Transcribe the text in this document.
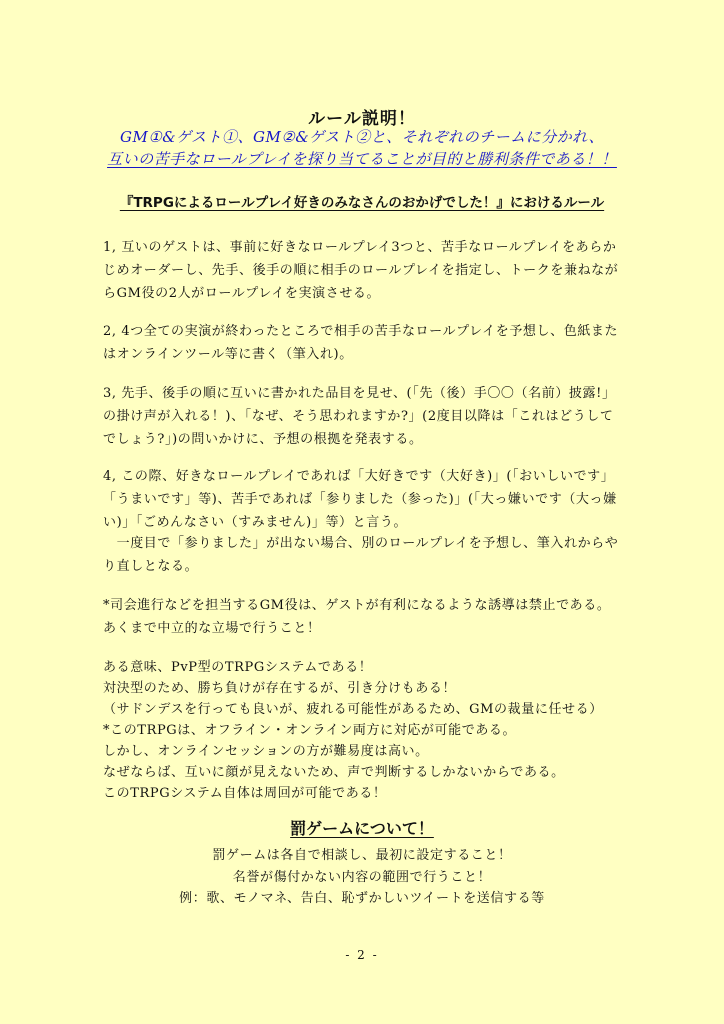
ルール説明！
GM①&ゲスト①、GM②&ゲスト②と、それぞれのチームに分かれ、
互いの苦手なロールプレイを探り当てることが目的と勝利条件である！！
『TRPGによるロールプレイ好きのみなさんのおかげでした！』におけるルール
1, 互いのゲストは、事前に好きなロールプレイ3つと、苦手なロールプレイをあらか
じめオーダーし、先手、後手の順に相手のロールプレイを指定し、トークを兼ねなが
らGM役の2人がロールプレイを実演させる。
2, 4つ全ての実演が終わったところで相手の苦手なロールプレイを予想し、色紙また
はオンラインツール等に書く（筆入れ)。
3, 先手、後手の順に互いに書かれた品目を見せ、(「先（後）手〇〇（名前）披露!」
の掛け声が入れる！)、「なぜ、そう思われますか?」(2度目以降は「これはどうして
でしょう?」)の問いかけに、予想の根拠を発表する。
4, この際、好きなロールプレイであれば「大好きです（大好き)」(「おいしいです」
「うまいです」等)、苦手であれば「参りました（参った)」(「大っ嫌いです（大っ嫌
い)」「ごめんなさい（すみません)」等）と言う。
　一度目で「参りました」が出ない場合、別のロールプレイを予想し、筆入れからや
り直しとなる。
*司会進行などを担当するGM役は、ゲストが有利になるような誘導は禁止である。
あくまで中立的な立場で行うこと！
ある意味、PvP型のTRPGシステムである！
対決型のため、勝ち負けが存在するが、引き分けもある！
（サドンデスを行っても良いが、疲れる可能性があるため、GMの裁量に任せる）
*このTRPGは、オフライン・オンライン両方に対応が可能である。
しかし、オンラインセッションの方が難易度は高い。
なぜならば、互いに顔が見えないため、声で判断するしかないからである。
このTRPGシステム自体は周回が可能である！
罰ゲームについて！
罰ゲームは各自で相談し、最初に設定すること！
名誉が傷付かない内容の範囲で行うこと！
例：歌、モノマネ、告白、恥ずかしいツイートを送信する等
- 2 -
